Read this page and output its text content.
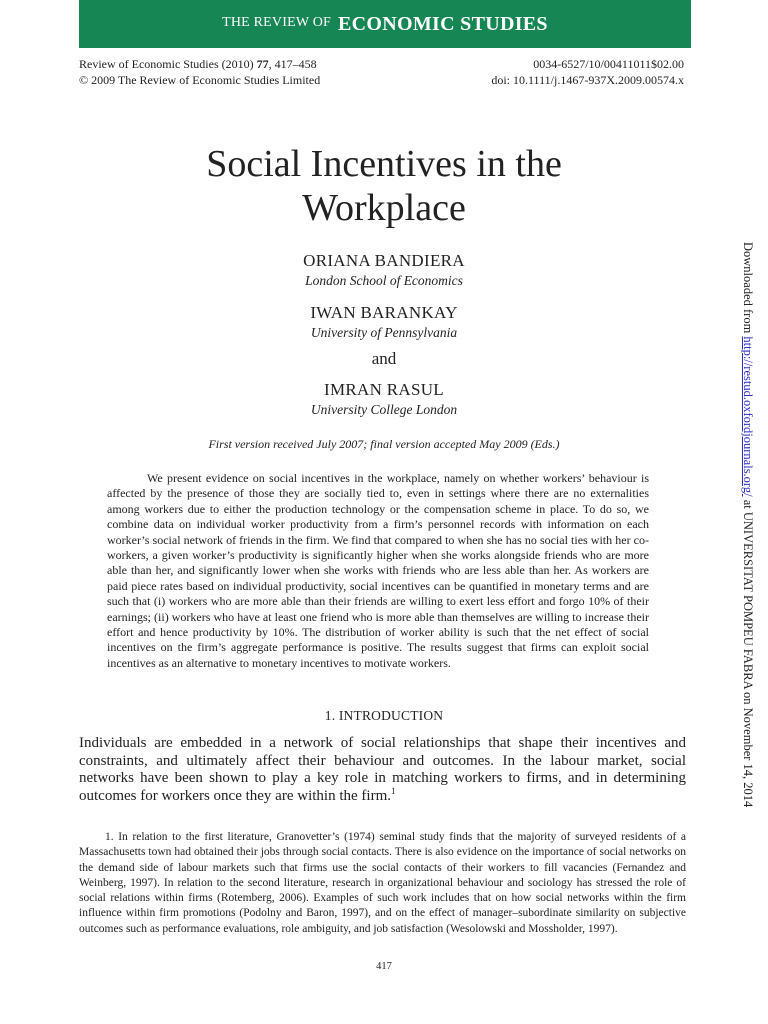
THE REVIEW OF ECONOMIC STUDIES
Review of Economic Studies (2010) 77, 417–458
© 2009 The Review of Economic Studies Limited
0034-6527/10/00411011$02.00
doi: 10.1111/j.1467-937X.2009.00574.x
Social Incentives in the
Workplace
ORIANA BANDIERA
London School of Economics
IWAN BARANKAY
University of Pennsylvania
and
IMRAN RASUL
University College London
First version received July 2007; final version accepted May 2009 (Eds.)

We present evidence on social incentives in the workplace, namely on whether workers’ behaviour is affected by the presence of those they are socially tied to, even in settings where there are no externalities among workers due to either the production technology or the compensation scheme in place. To do so, we combine data on individual worker productivity from a firm’s personnel records with information on each worker’s social network of friends in the firm. We find that compared to when she has no social ties with her co-workers, a given worker’s productivity is significantly higher when she works alongside friends who are more able than her, and significantly lower when she works with friends who are less able than her. As workers are paid piece rates based on individual productivity, social incentives can be quantified in monetary terms and are such that (i) workers who are more able than their friends are willing to exert less effort and forgo 10% of their earnings; (ii) workers who have at least one friend who is more able than themselves are willing to increase their effort and hence productivity by 10%. The distribution of worker ability is such that the net effect of social incentives on the firm’s aggregate performance is positive. The results suggest that firms can exploit social incentives as an alternative to monetary incentives to motivate workers.

1. INTRODUCTION

Individuals are embedded in a network of social relationships that shape their incentives and constraints, and ultimately affect their behaviour and outcomes. In the labour market, social networks have been shown to play a key role in matching workers to firms, and in determining outcomes for workers once they are within the firm.$^1$

1. In relation to the first literature, Granovetter’s (1974) seminal study finds that the majority of surveyed residents of a Massachusetts town had obtained their jobs through social contacts. There is also evidence on the importance of social networks on the demand side of labour markets such that firms use the social contacts of their workers to fill vacancies (Fernandez and Weinberg, 1997). In relation to the second literature, research in organizational behaviour and sociology has stressed the role of social relations within firms (Rotemberg, 2006). Examples of such work includes that on how social networks within the firm influence within firm promotions (Podolny and Baron, 1997), and on the effect of manager–subordinate similarity on subjective outcomes such as performance evaluations, role ambiguity, and job satisfaction (Wesolowski and Mossholder, 1997).

417
Downloaded from http://restud.oxfordjournals.org/ at UNIVERSITAT POMPEU FABRA on November 14, 2014
